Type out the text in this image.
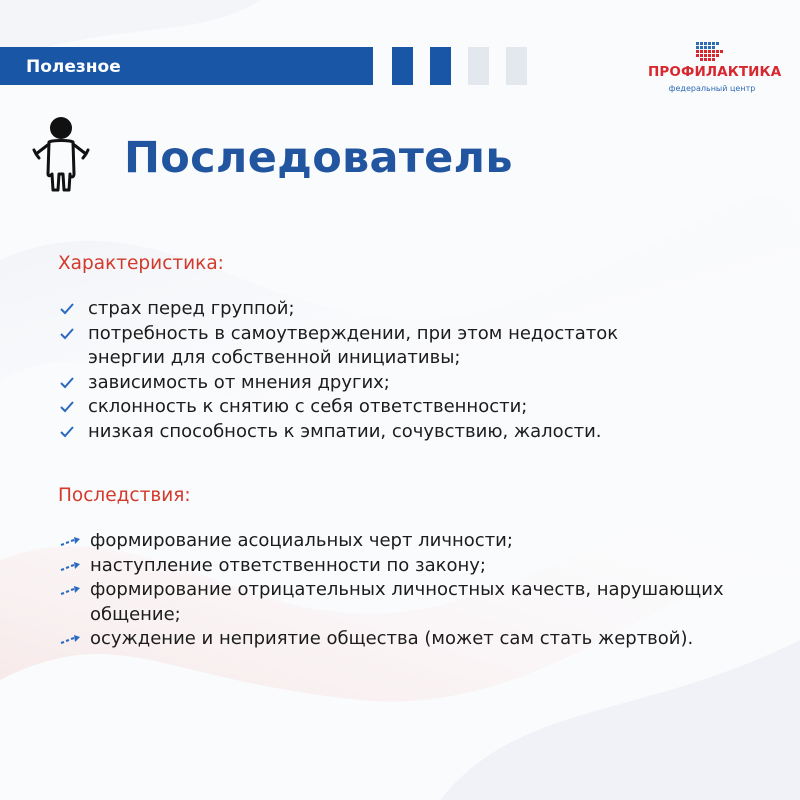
Полезное	ПРОФИЛАКТИКА
федеральный центр
Последователь
Характеристика:
страх перед группой;
потребность в самоутверждении, при этом недостаток энергии для собственной инициативы;
зависимость от мнения других;
склонность к снятию с себя ответственности;
низкая способность к эмпатии, сочувствию, жалости.
Последствия:
формирование асоциальных черт личности;
наступление ответственности по закону;
формирование отрицательных личностных качеств, нарушающих общение;
осуждение и неприятие общества (может сам стать жертвой).
